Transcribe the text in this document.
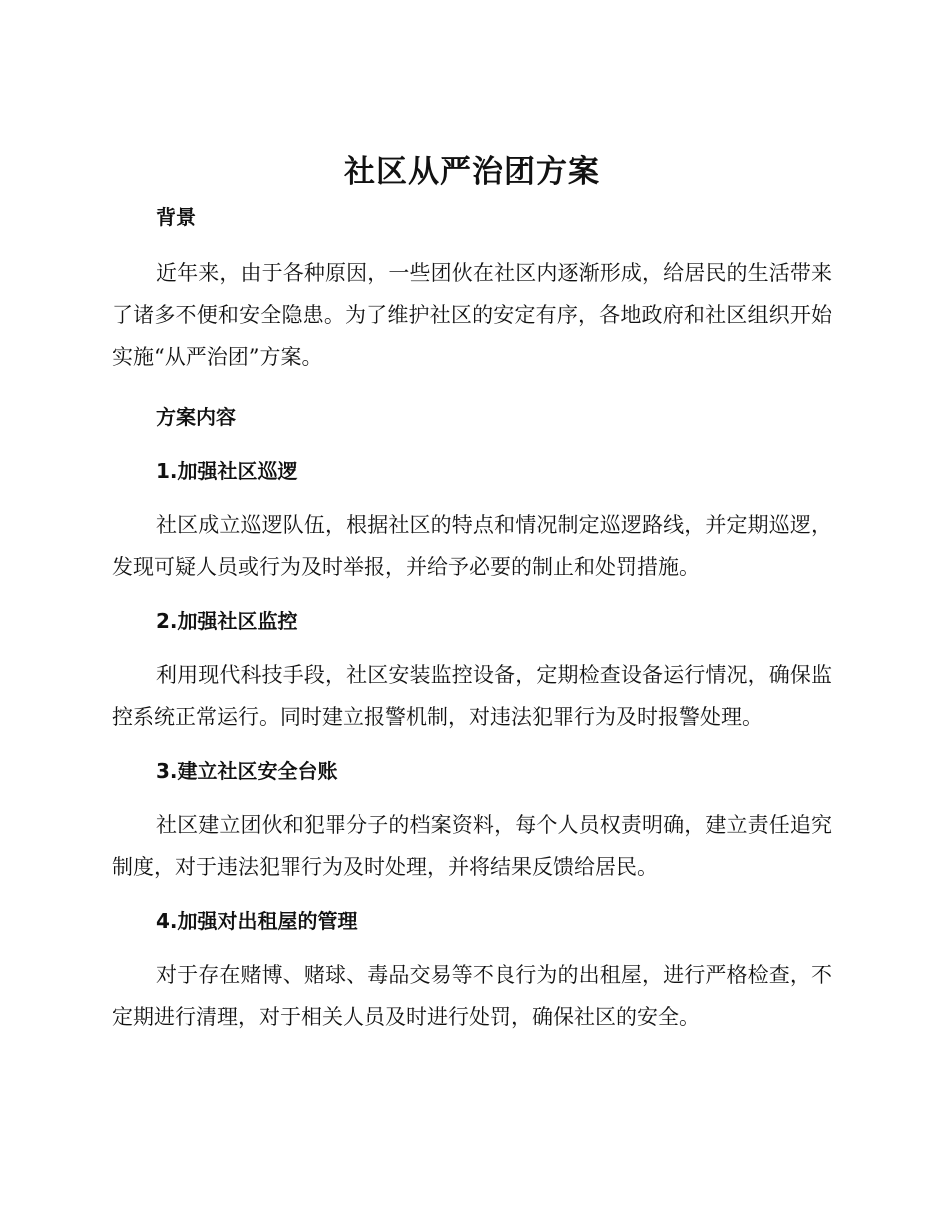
社区从严治团方案

背景

近年来，由于各种原因，一些团伙在社区内逐渐形成，给居民的生活带来了诸多不便和安全隐患。为了维护社区的安定有序，各地政府和社区组织开始实施“从严治团”方案。

方案内容

1.加强社区巡逻

社区成立巡逻队伍，根据社区的特点和情况制定巡逻路线，并定期巡逻，发现可疑人员或行为及时举报，并给予必要的制止和处罚措施。

2.加强社区监控

利用现代科技手段，社区安装监控设备，定期检查设备运行情况，确保监控系统正常运行。同时建立报警机制，对违法犯罪行为及时报警处理。

3.建立社区安全台账

社区建立团伙和犯罪分子的档案资料，每个人员权责明确，建立责任追究制度，对于违法犯罪行为及时处理，并将结果反馈给居民。

4.加强对出租屋的管理

对于存在赌博、赌球、毒品交易等不良行为的出租屋，进行严格检查，不定期进行清理，对于相关人员及时进行处罚，确保社区的安全。
